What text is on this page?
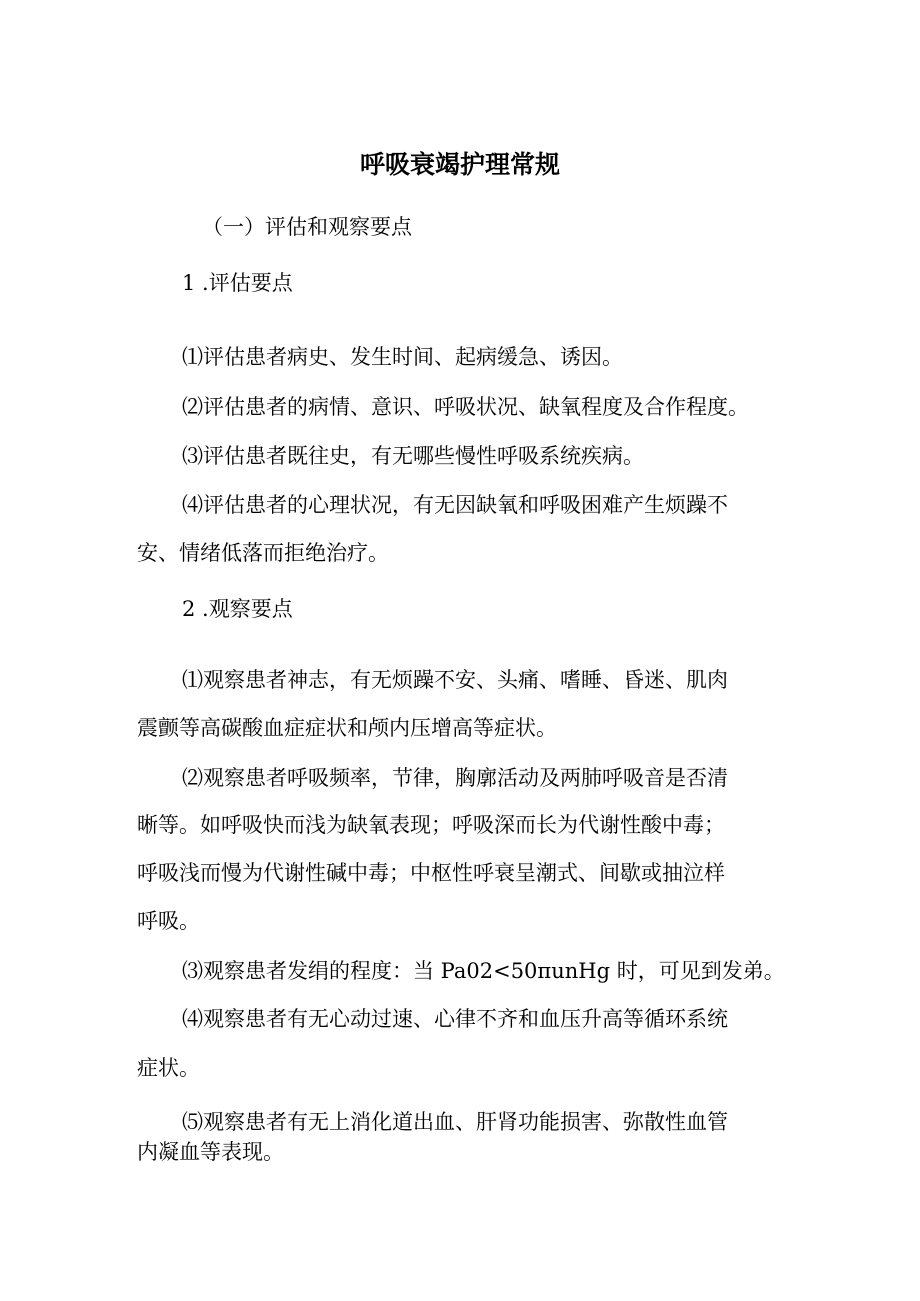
呼吸衰竭护理常规
（一）评估和观察要点
1 .评估要点
⑴评估患者病史、发生时间、起病缓急、诱因。
⑵评估患者的病情、意识、呼吸状况、缺氧程度及合作程度。
⑶评估患者既往史，有无哪些慢性呼吸系统疾病。
⑷评估患者的心理状况，有无因缺氧和呼吸困难产生烦躁不
安、情绪低落而拒绝治疗。
2 .观察要点
⑴观察患者神志，有无烦躁不安、头痛、嗜睡、昏迷、肌肉
震颤等高碳酸血症症状和颅内压增高等症状。
⑵观察患者呼吸频率，节律，胸廓活动及两肺呼吸音是否清
晰等。如呼吸快而浅为缺氧表现；呼吸深而长为代谢性酸中毒；
呼吸浅而慢为代谢性碱中毒；中枢性呼衰呈潮式、间歇或抽泣样
呼吸。
⑶观察患者发绢的程度：当 Pa02<50πunHg 时，可见到发弟。
⑷观察患者有无心动过速、心律不齐和血压升高等循环系统
症状。
⑸观察患者有无上消化道出血、肝肾功能损害、弥散性血管
内凝血等表现。
